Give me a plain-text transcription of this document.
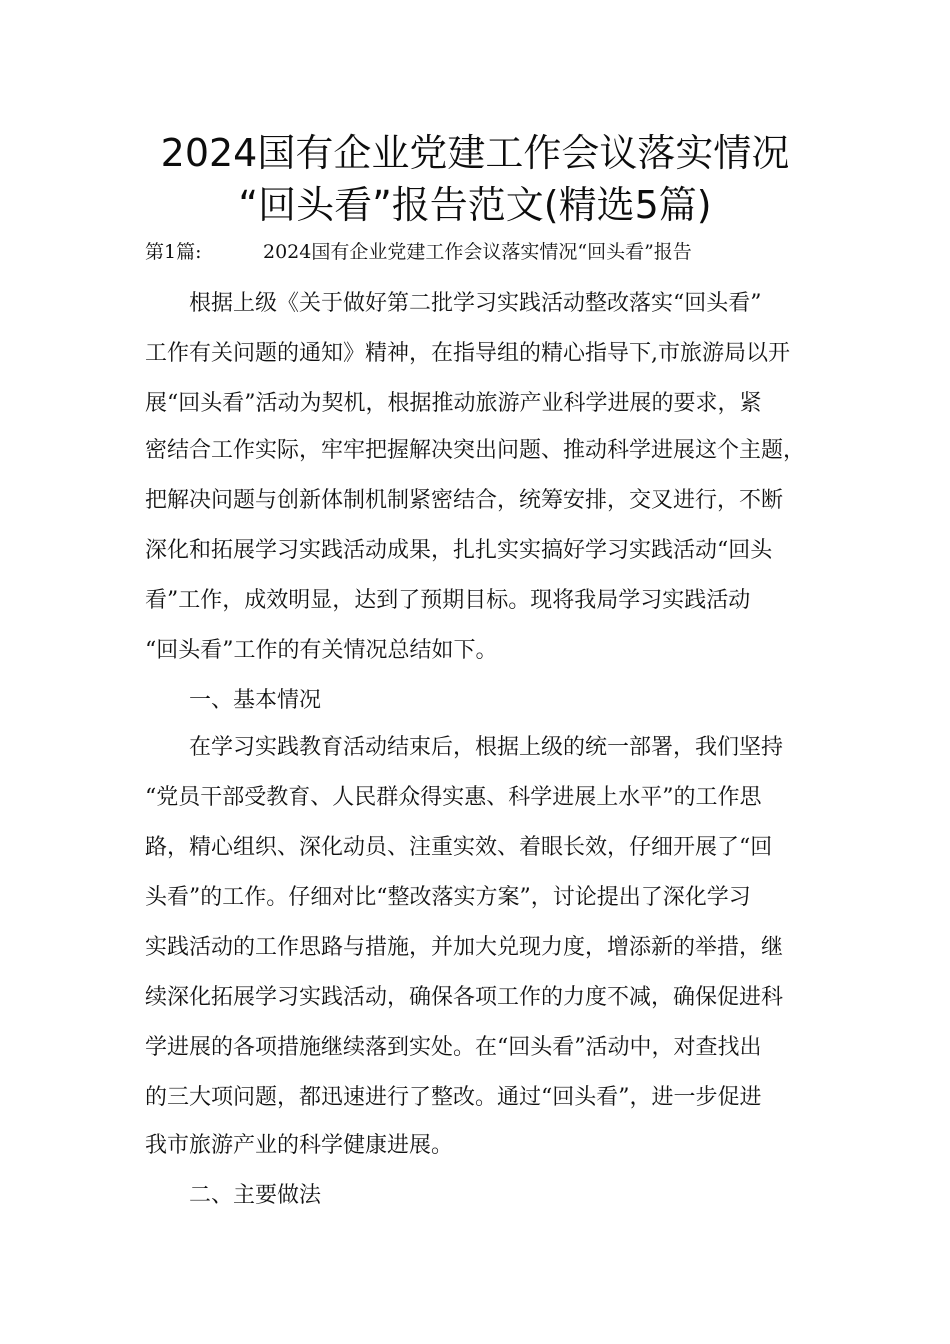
2024国有企业党建工作会议落实情况
“回头看”报告范文(精选5篇)
第1篇:	2024国有企业党建工作会议落实情况“回头看”报告
根据上级《关于做好第二批学习实践活动整改落实“回头看”
工作有关问题的通知》精神，在指导组的精心指导下,市旅游局以开
展“回头看”活动为契机，根据推动旅游产业科学进展的要求，紧
密结合工作实际，牢牢把握解决突出问题、推动科学进展这个主题，
把解决问题与创新体制机制紧密结合，统筹安排，交叉进行，不断
深化和拓展学习实践活动成果，扎扎实实搞好学习实践活动“回头
看”工作，成效明显，达到了预期目标。现将我局学习实践活动
“回头看”工作的有关情况总结如下。
一、基本情况
在学习实践教育活动结束后，根据上级的统一部署，我们坚持
“党员干部受教育、人民群众得实惠、科学进展上水平”的工作思
路，精心组织、深化动员、注重实效、着眼长效，仔细开展了“回
头看”的工作。仔细对比“整改落实方案”，讨论提出了深化学习
实践活动的工作思路与措施，并加大兑现力度，增添新的举措，继
续深化拓展学习实践活动，确保各项工作的力度不减，确保促进科
学进展的各项措施继续落到实处。在“回头看”活动中，对查找出
的三大项问题，都迅速进行了整改。通过“回头看”，进一步促进
我市旅游产业的科学健康进展。
二、主要做法
